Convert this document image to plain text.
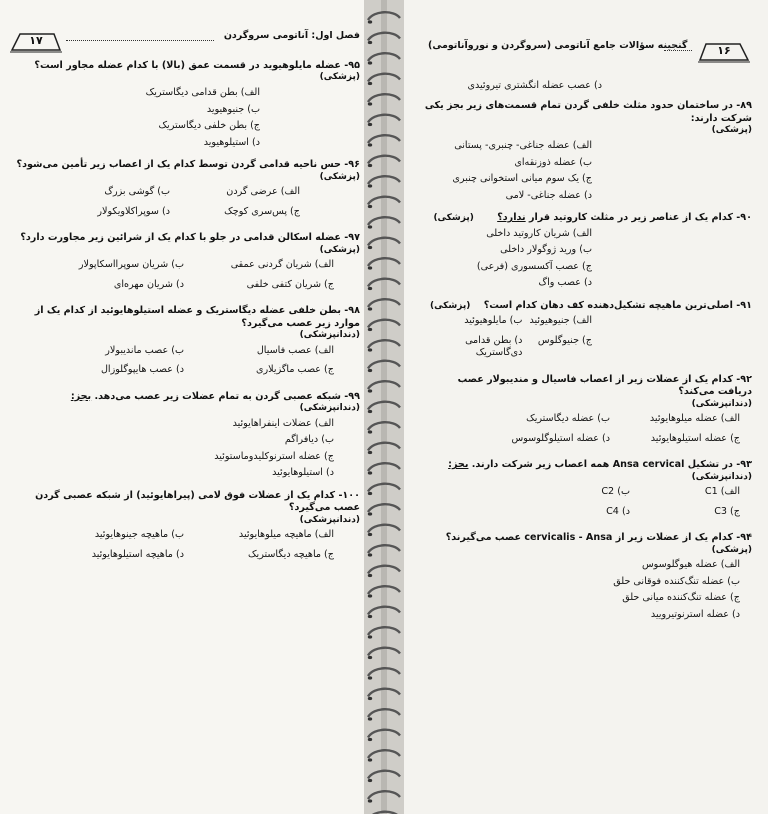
۱۷	فصل اول: آناتومی سروگردن
۹۵- عضله مایلوهیوید در قسمت عمق (بالا) با کدام عضله مجاور است؟
(پزشکی)
الف) بطن قدامی دیگاستریک
ب) جنیوهیوید
ج) بطن خلفی دیگاستریک
د) استیلوهیوید
۹۶- حس ناحیه قدامی گردن توسط کدام یک از اعصاب زیر تأمین می‌شود؟
(پزشکی)
الف) عرضی گردن
ب) گوشی بزرگ
ج) پس‌سری کوچک
د) سوپراکلاویکولار
۹۷- عضله اسکالن قدامی در جلو با کدام یک از شرائین زیر مجاورت دارد؟
(پزشکی)
الف) شریان گردنی عمقی
ب) شریان سوپرااسکاپولار
ج) شریان کتفی خلفی
د) شریان مهره‌ای
۹۸- بطن خلفی عضله دیگاستریک و عضله استیلوهایوئید از کدام یک از موارد زیر عصب می‌گیرد؟
(دندانپزشکی)
الف) عصب فاسیال
ب) عصب ماندیبولار
ج) عصب ماگزیلاری
د) عصب هایپوگلوزال
۹۹- شبکه عصبی گردن به تمام عضلات زیر عصب می‌دهد. بجز:
(دندانپزشکی)
الف) عضلات اینفراهایوئید
ب) دیافراگم
ج) عضله استرنوکلیدوماستوئید
د) استیلوهایوئید
۱۰۰- کدام یک از عضلات فوق لامی (پیراهایوئید) از شبکه عصبی گردن عصب می‌گیرد؟
(دندانپزشکی)
الف) ماهیچه میلوهایوئید
ب) ماهیچه جینوهایوئید
ج) ماهیچه دیگاستریک
د) ماهیچه استیلوهایوئید
گنجینه سؤالات جامع آناتومی (سروگردن و نوروآناتومی)	۱۶
د) عصب عضله انگشتری تیروئیدی
۸۹- در ساختمان حدود مثلث خلفی گردن تمام قسمت‌های زیر بجز یکی شرکت دارند:
(پزشکی)
الف) عضله جناغی- چنبری- پستانی
ب) عضله ذوزنقه‌ای
ج) یک سوم میانی استخوانی چنبری
د) عضله جناغی- لامی
۹۰- کدام یک از عناصر زیر در مثلث کاروتید قرار ندارد؟ (پزشکی)
الف) شریان کاروتید داخلی
ب) ورید ژوگولار داخلی
ج) عصب آکسسوری (فرعی)
د) عصب واگ
۹۱- اصلی‌ترین ماهیچه تشکیل‌دهنده کف دهان کدام است؟ (پزشکی)
الف) جنیوهیوئید
ب) مایلوهیوئید
ج) جنیوگلوس
د) بطن قدامی دی‌گاستریک
۹۲- کدام یک از عضلات زیر از اعصاب فاسیال و مندیبولار عصب دریافت می‌کند؟
(دندانپزشکی)
الف) عضله میلوهایوئید
ب) عضله دیگاستریک
ج) عضله استیلوهایوئید
د) عضله استیلوگلوسوس
۹۳- در تشکیل Ansa cervical همه اعصاب زیر شرکت دارند. بجز:
(دندانپزشکی)
الف) C1
ب) C2
ج) C3
د) C4
۹۴- کدام یک از عضلات زیر از cervicalis - Ansa عصب می‌گیرند؟
(پزشکی)
الف) عضله هیوگلوسوس
ب) عضله تنگ‌کننده فوقانی حلق
ج) عضله تنگ‌کننده میانی حلق
د) عضله استرنوتیرویید
